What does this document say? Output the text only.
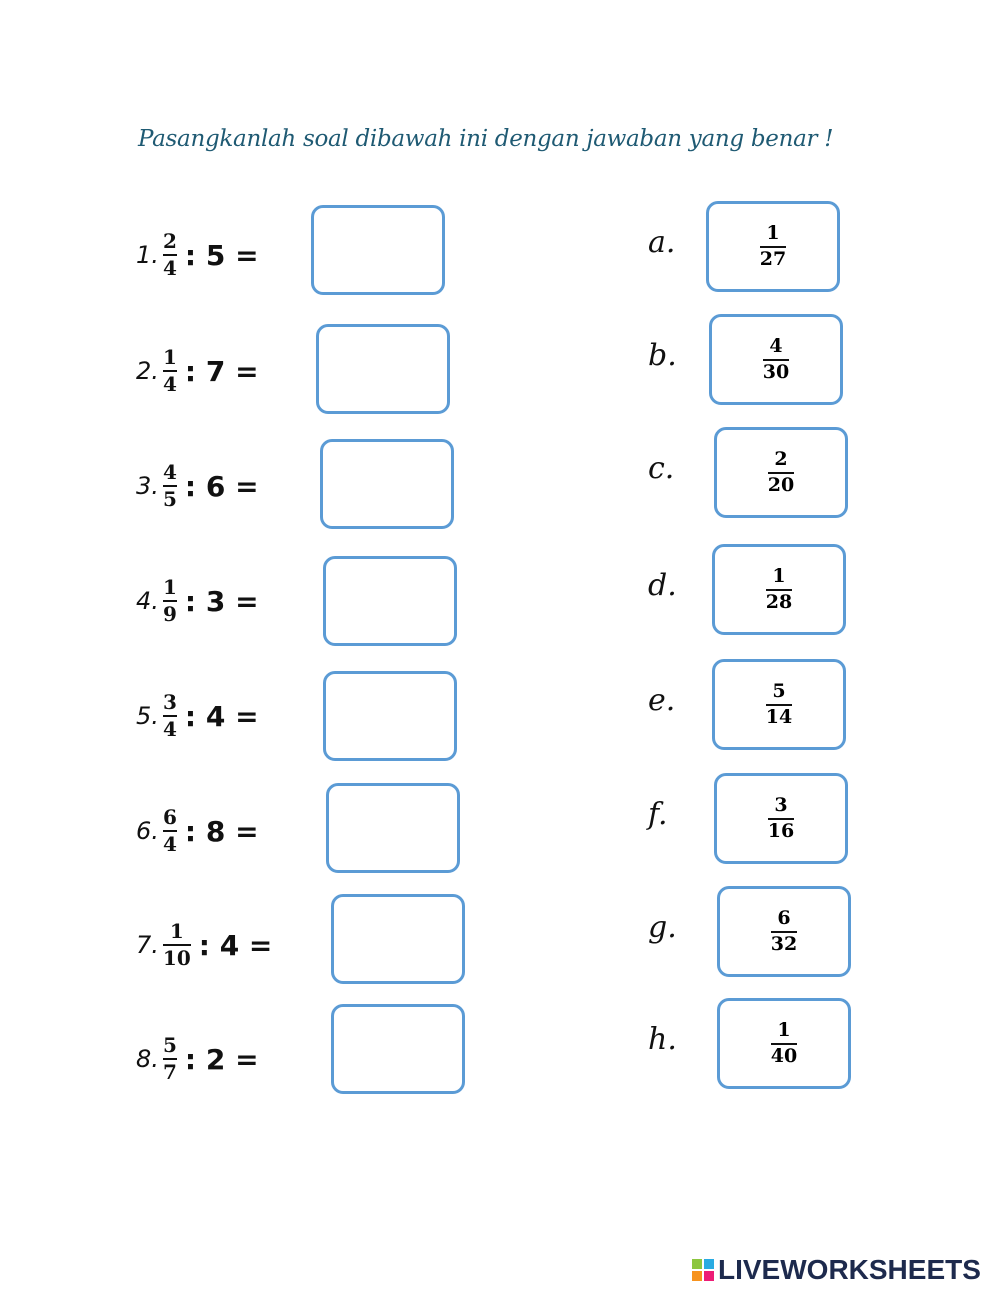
Pasangkanlah soal dibawah ini dengan jawaban yang benar !
1. $\frac{2}{4}$ : 5 =
2. $\frac{1}{4}$ : 7 =
3. $\frac{4}{5}$ : 6 =
4. $\frac{1}{9}$ : 3 =
5. $\frac{3}{4}$ : 4 =
6. $\frac{6}{4}$ : 8 =
7. $\frac{1}{10}$ : 4 =
8. $\frac{5}{7}$ : 2 =
a.	$\frac{1}{27}$
b.	$\frac{4}{30}$
c.	$\frac{2}{20}$
d.	$\frac{1}{28}$
e.	$\frac{5}{14}$
f.	$\frac{3}{16}$
g.	$\frac{6}{32}$
h.	$\frac{1}{40}$
LIVEWORKSHEETS
